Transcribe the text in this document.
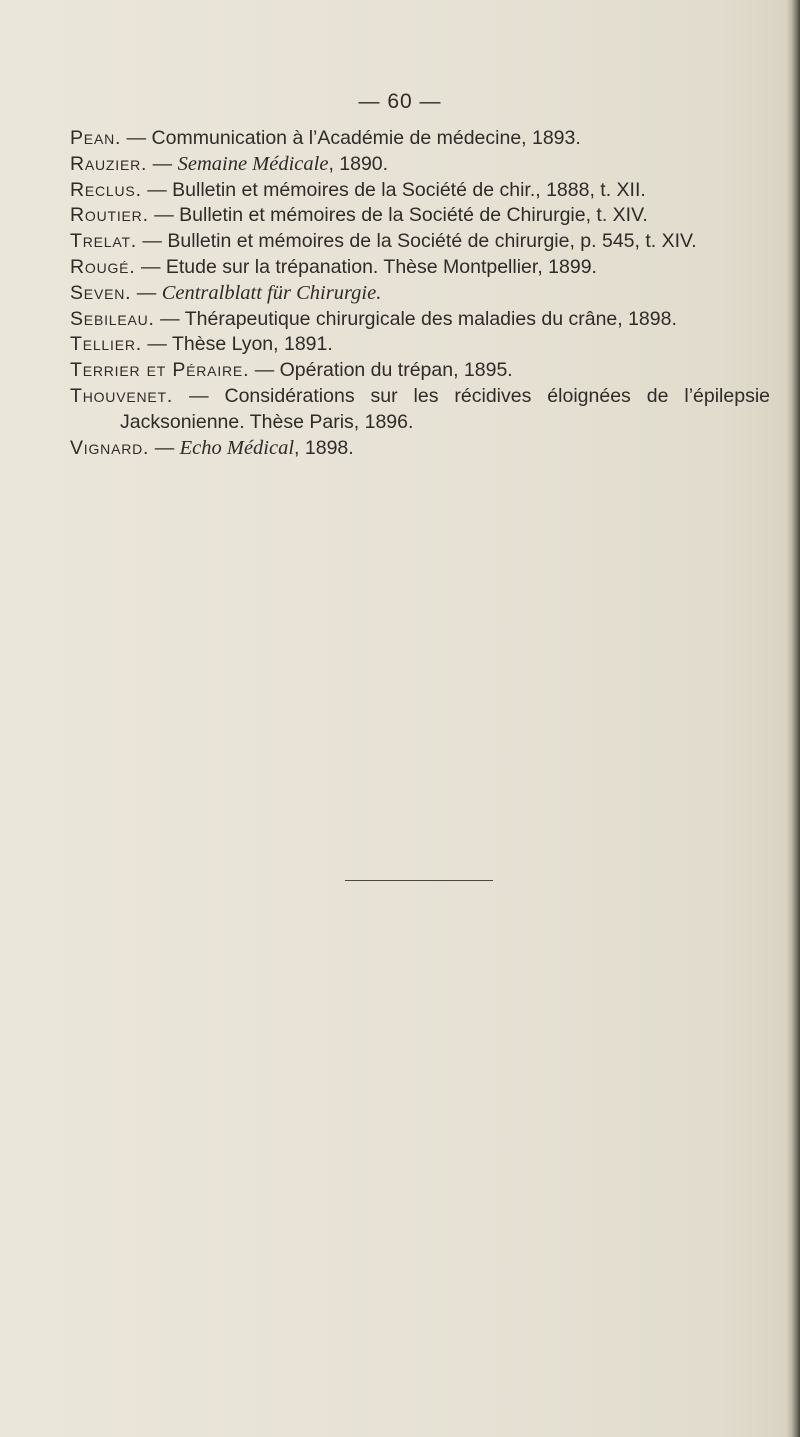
— 60 —
Pean. — Communication à l’Académie de médecine, 1893.
Rauzier. — Semaine Médicale, 1890.
Reclus. — Bulletin et mémoires de la Société de chir., 1888, t. XII.
Routier. — Bulletin et mémoires de la Société de Chirurgie, t. XIV.
Trelat. — Bulletin et mémoires de la Société de chirurgie, p. 545, t. XIV.
Rougé. — Etude sur la trépanation. Thèse Montpellier, 1899.
Seven. — Centralblatt für Chirurgie.
Sebileau. — Thérapeutique chirurgicale des maladies du crâne, 1898.
Tellier. — Thèse Lyon, 1891.
Terrier et Péraire. — Opération du trépan, 1895.
Thouvenet. — Considérations sur les récidives éloignées de l’épilepsie Jacksonienne. Thèse Paris, 1896.
Vignard. — Echo Médical, 1898.
